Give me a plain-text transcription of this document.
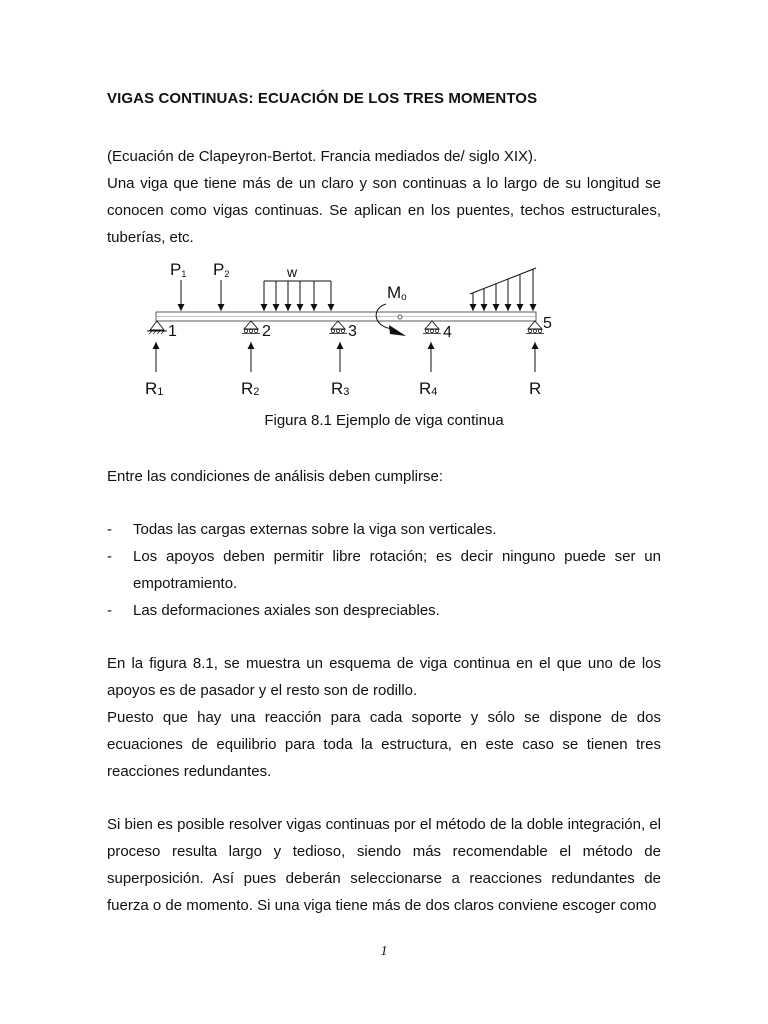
VIGAS CONTINUAS: ECUACIÓN DE LOS TRES MOMENTOS
(Ecuación de Clapeyron-Bertot. Francia mediados de/ siglo XIX).
Una viga que tiene más de un claro y son continuas a lo largo de su longitud se conocen como vigas continuas. Se aplican en los puentes, techos estructurales, tuberías, etc.
P1 P2	w
Mo
1	2	3	4
5
R1	R2	R3	R4	R
Figura 8.1 Ejemplo de viga continua
Entre las condiciones de análisis deben cumplirse:
- Todas las cargas externas sobre la viga son verticales.
- Los apoyos deben permitir libre rotación; es decir ninguno puede ser un empotramiento.
- Las deformaciones axiales son despreciables.
En la figura 8.1, se muestra un esquema de viga continua en el que uno de los apoyos es de pasador y el resto son de rodillo.
Puesto que hay una reacción para cada soporte y sólo se dispone de dos ecuaciones de equilibrio para toda la estructura, en este caso se tienen tres reacciones redundantes.
Si bien es posible resolver vigas continuas por el método de la doble integración, el proceso resulta largo y tedioso, siendo más recomendable el método de superposición. Así pues deberán seleccionarse a reacciones redundantes de fuerza o de momento. Si una viga tiene más de dos claros conviene escoger como
1
